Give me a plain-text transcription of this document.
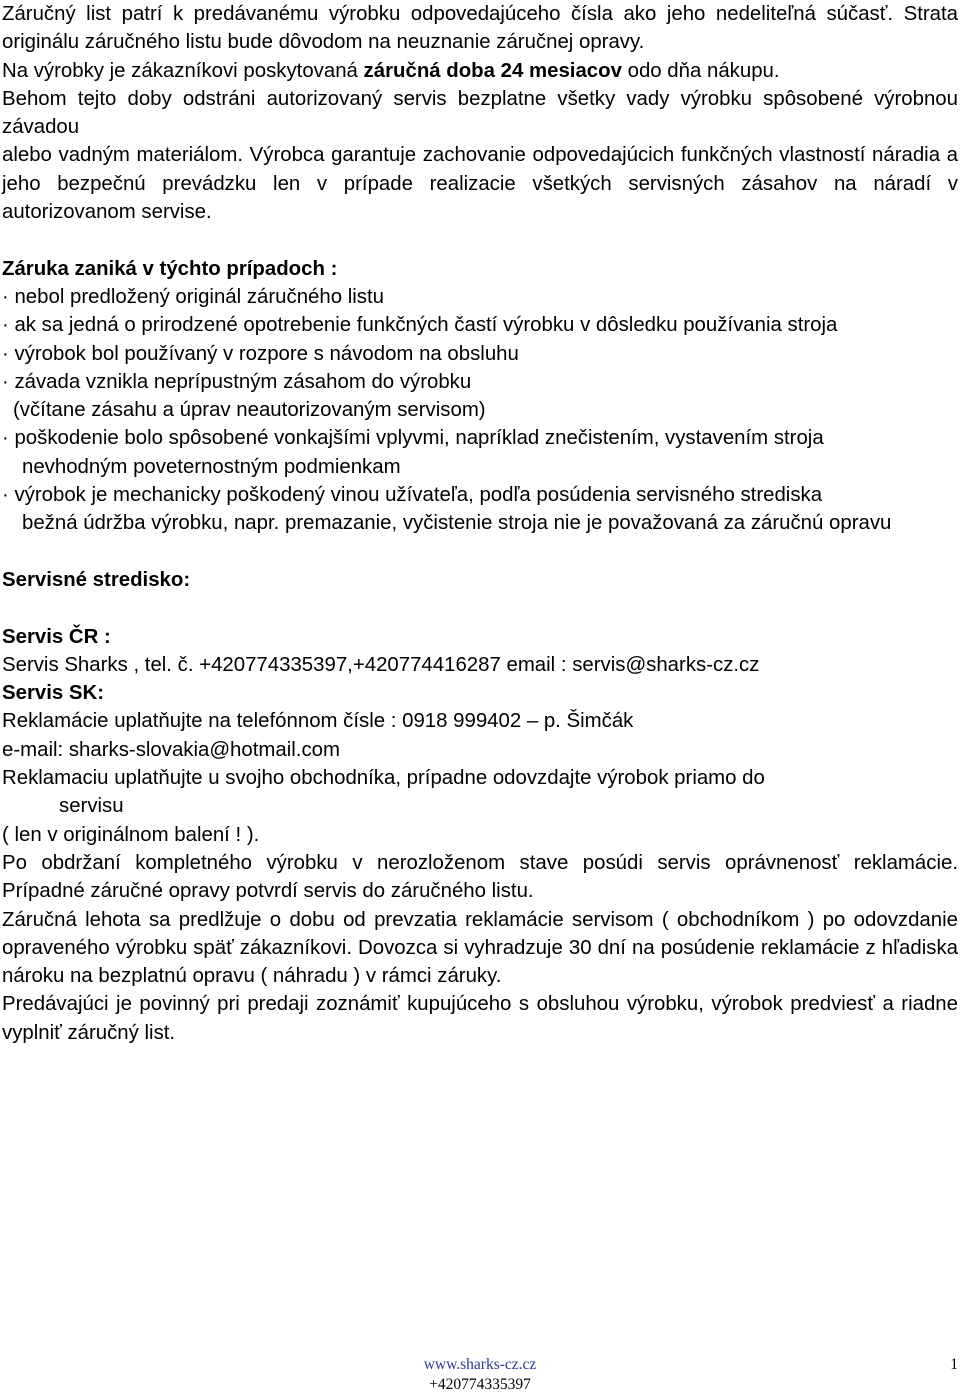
Záručný list patrí k predávanému výrobku odpovedajúceho čísla ako jeho nedeliteľná súčasť. Strata originálu záručného listu bude dôvodom na neuznanie záručnej opravy.

Na výrobky je zákazníkovi poskytovaná záručná doba 24 mesiacov odo dňa nákupu.

Behom tejto doby odstráni autorizovaný servis bezplatne všetky vady výrobku spôsobené výrobnou závadou

alebo vadným materiálom. Výrobca garantuje zachovanie odpovedajúcich funkčných vlastností náradia a jeho bezpečnú prevádzku len v prípade realizacie všetkých servisných zásahov na náradí v autorizovanom servise.

Záruka zaniká v týchto prípadoch :

· nebol predložený originál záručného listu

· ak sa jedná o prirodzené opotrebenie funkčných častí výrobku v dôsledku používania stroja

· výrobok bol používaný v rozpore s návodom na obsluhu

· závada vznikla neprípustným zásahom do výrobku

(včítane zásahu a úprav neautorizovaným servisom)

· poškodenie bolo spôsobené vonkajšími vplyvmi, napríklad znečistením, vystavením stroja

nevhodným poveternostným podmienkam

· výrobok je mechanicky poškodený vinou užívateľa, podľa posúdenia servisného strediska

bežná údržba výrobku, napr. premazanie, vyčistenie stroja nie je považovaná za záručnú opravu

Servisné stredisko:

Servis ČR :

Servis Sharks , tel. č. +420774335397,+420774416287 email : servis@sharks-cz.cz

Servis SK:

Reklamácie uplatňujte na telefónnom čísle : 0918 999402 – p. Šimčák

e-mail: sharks-slovakia@hotmail.com

Reklamaciu uplatňujte u svojho obchodníka, prípadne odovzdajte výrobok priamo do

servisu

( len v originálnom balení ! ).

Po obdržaní kompletného výrobku v nerozloženom stave posúdi servis oprávnenosť reklamácie. Prípadné záručné opravy potvrdí servis do záručného listu.

Záručná lehota sa predlžuje o dobu od prevzatia reklamácie servisom ( obchodníkom ) po odovzdanie opraveného výrobku späť zákazníkovi. Dovozca si vyhradzuje 30 dní na posúdenie reklamácie z hľadiska nároku na bezplatnú opravu ( náhradu ) v rámci záruky.

Predávajúci je povinný pri predaji zoznámiť kupujúceho s obsluhou výrobku, výrobok predviesť a riadne vyplniť záručný list.

www.sharks-cz.cz
+420774335397
1
